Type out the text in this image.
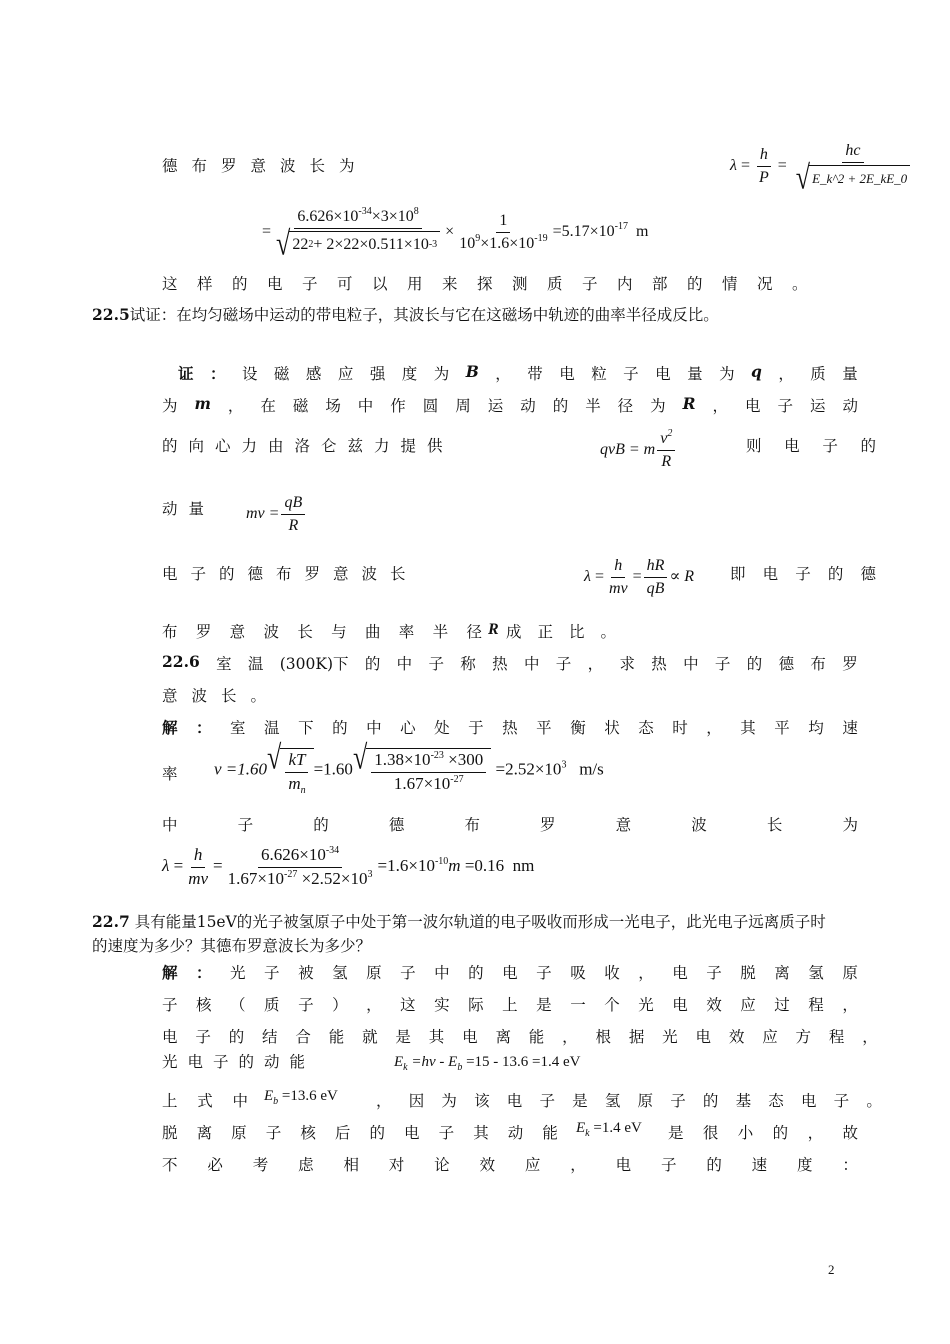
德布罗意波长为	$\lambda = \frac{h}{P} = \frac{hc}{√ E\_k\^{}2 + 2E\_kE\_0}$
= $\frac{6.626\times 10^{-34}\times 3\times 10^8}{√ 22 2 + 2\times 22\times 0.511\times 10 -3} \times \frac{1}{10^9\times 1.6\times 10^{-19}} =5.17\times 10^{-17}$ m
这样的电子可以用来探测质子内部的情况。
22.5试证：在均匀磁场中运动的带电粒子，其波长与它在这磁场中轨迹的曲率半径成反比。
证 ： 设 磁 感 应 强 度 为 B ， 带 电 粒 子 电 量 为 q ， 质 量
为 m ， 在 磁 场 中 作 圆 周 运 动 的 半 径 为 R ， 电 子 运 动
的向心力由洛仑兹力提供	qvB = m $\frac{v^2}{R}$	则 电 子 的
动量 mv = $\frac{qB}{R}$
电子的德布罗意波长	$\lambda = \frac{h}{mv} = \frac{hR}{qB} \propto R$ 即 电 子 的 德
布 罗 意 波 长 与 曲 率 半 径 R 成 正 比 。
22.6 室 温 (300K)下 的 中 子 称 热 中 子 ， 求 热 中 子 的 德 布 罗
意波长。
解 ： 室 温 下 的 中 心 处 于 热 平 衡 状 态 时 ， 其 平 均 速
率 v =1.60 √ $\frac{kT}{m_n} =1.60$ √ $\frac{1.38\times 10^{-23} \times 300}{1.67\times 10^{-27}} =2.52\times 10^3$ m/s
中	子	的	德	布	罗	意	波	长	为
$\lambda = \frac{h}{mv} = \frac{6.626\times 10^{-34}}{1.67\times 10^{-27} \times 2.52\times 10^3} =1.6\times 10^{-10}m =0.16$ nm
22.7 具有能量15eV的光子被氢原子中处于第一波尔轨道的电子吸收而形成一光电子，此光电子远离质子时
的速度为多少？其德布罗意波长为多少？
解 ： 光 子 被 氢 原 子 中 的 电 子 吸 收 ， 电 子 脱 离 氢 原
子 核 （ 质 子 ） ， 这 实 际 上 是 一 个 光 电 效 应 过 程 ，
电 子 的 结 合 能 就 是 其 电 离 能 ， 根 据 光 电 效 应 方 程 ，
光电子的动能	$E_k =h\nu - E_b =15 - 13.6 =1.4$ eV
上 式 中 $E_b =13.6$ eV ， 因 为 该 电 子 是 氢 原 子 的 基 态 电 子 。
脱 离 原 子 核 后 的 电 子 其 动 能 $E_k =1.4$ eV 是 很 小 的 ， 故
不 必 考 虑 相 对 论 效 应 ， 电 子 的 速 度 ：
2
